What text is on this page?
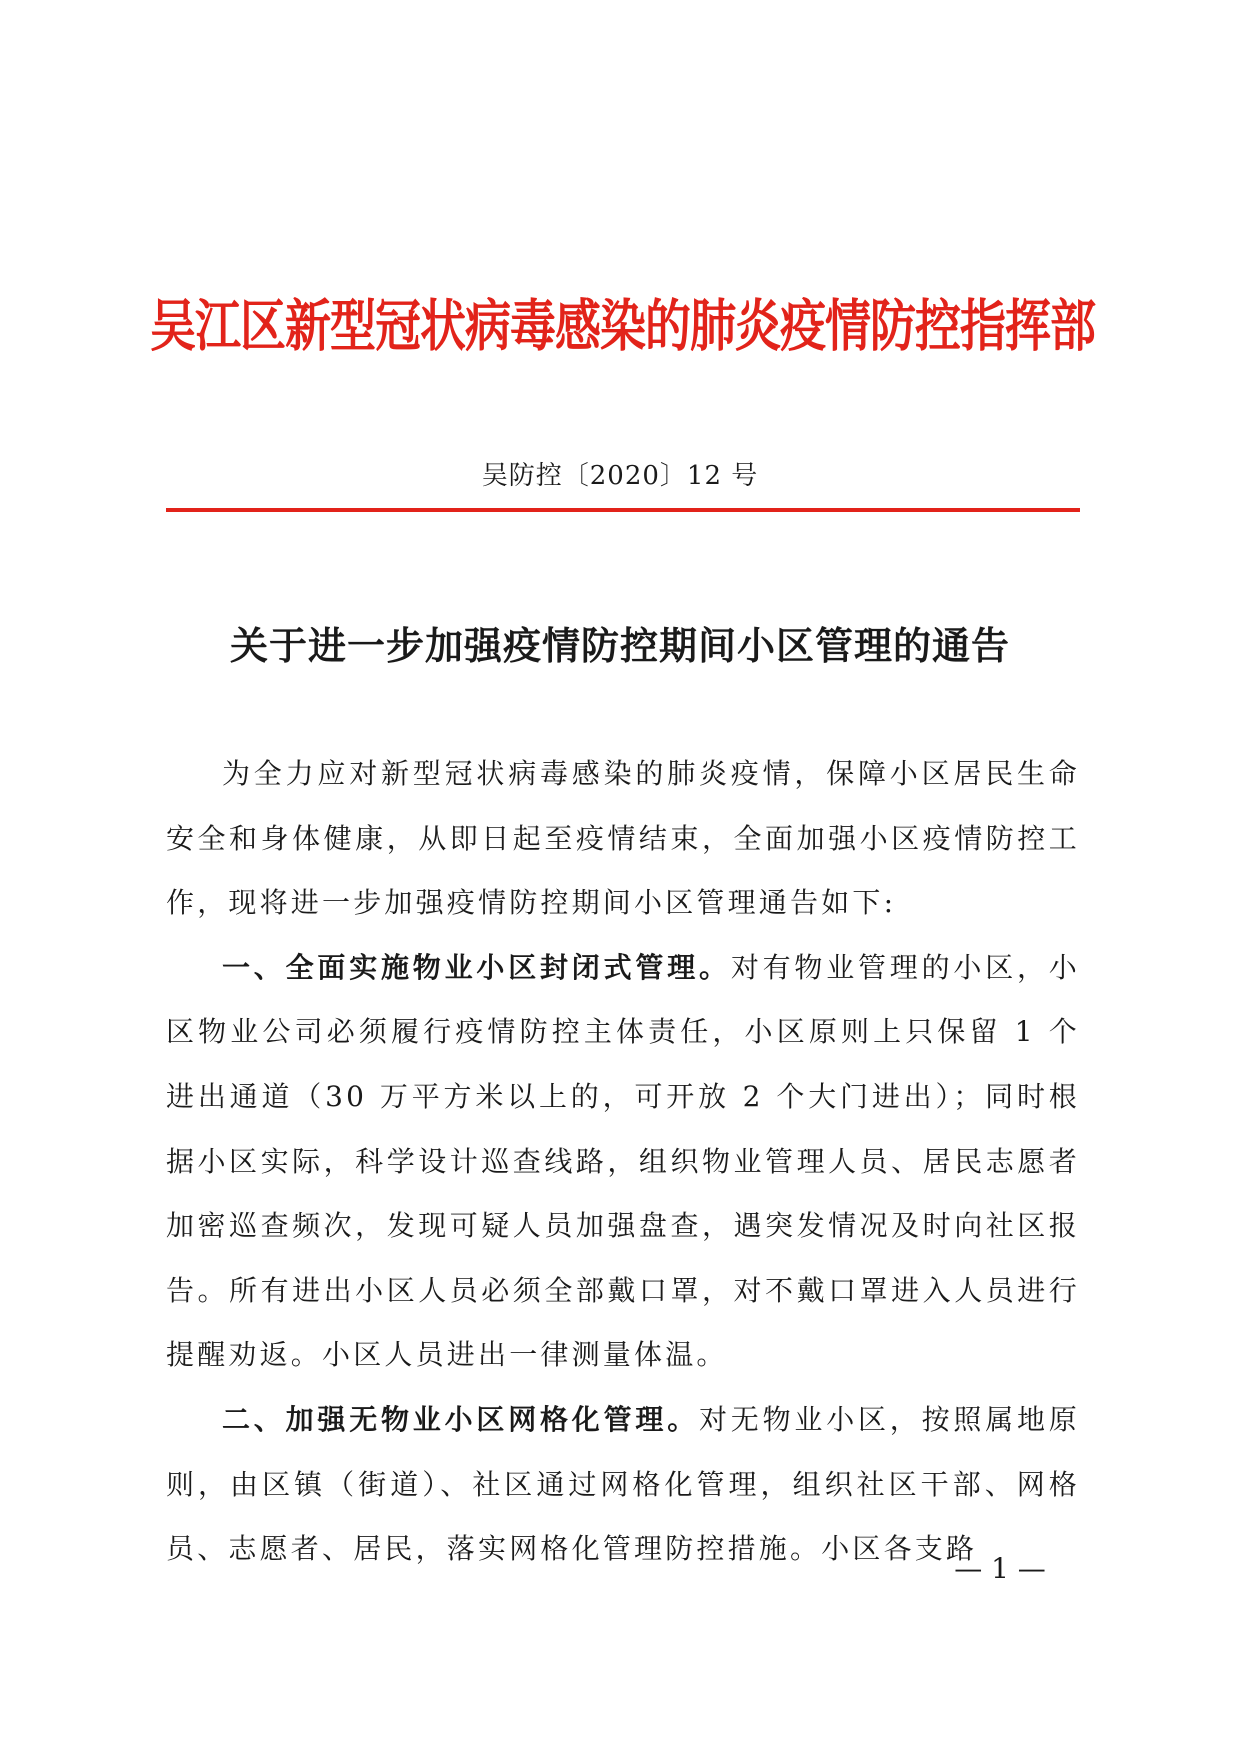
吴江区新型冠状病毒感染的肺炎疫情防控指挥部
吴防控〔2020〕12 号
关于进一步加强疫情防控期间小区管理的通告

为全力应对新型冠状病毒感染的肺炎疫情，保障小区居民生命安全和身体健康，从即日起至疫情结束，全面加强小区疫情防控工作，现将进一步加强疫情防控期间小区管理通告如下:

一、全面实施物业小区封闭式管理。对有物业管理的小区，小区物业公司必须履行疫情防控主体责任，小区原则上只保留 1 个进出通道（30 万平方米以上的，可开放 2 个大门进出）；同时根据小区实际，科学设计巡查线路，组织物业管理人员、居民志愿者加密巡查频次，发现可疑人员加强盘查，遇突发情况及时向社区报告。所有进出小区人员必须全部戴口罩，对不戴口罩进入人员进行提醒劝返。小区人员进出一律测量体温。

二、加强无物业小区网格化管理。对无物业小区，按照属地原则，由区镇（街道）、社区通过网格化管理，组织社区干部、网格员、志愿者、居民，落实网格化管理防控措施。小区各支路

— 1 —
